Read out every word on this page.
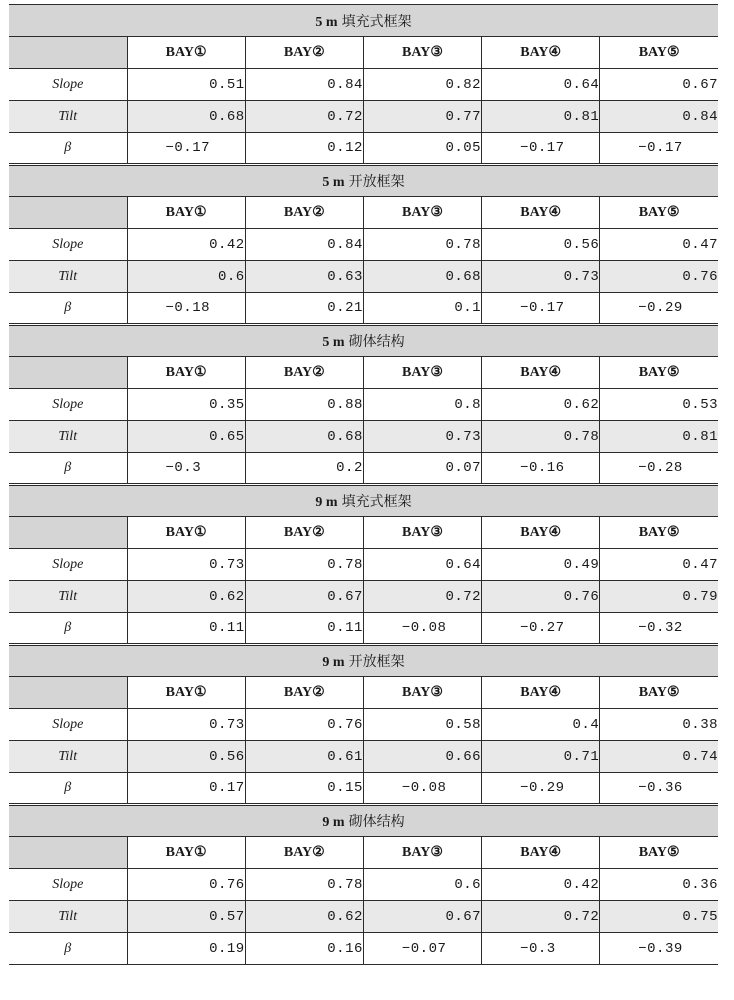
5 m 填充式框架					
	BAY①	BAY②	BAY③	BAY④	BAY⑤
Slope	0.51	0.84	0.82	0.64	0.67
Tilt	0.68	0.72	0.77	0.81	0.84
β	−0.17	0.12	0.05	−0.17	−0.17
5 m 开放框架					
	BAY①	BAY②	BAY③	BAY④	BAY⑤
Slope	0.42	0.84	0.78	0.56	0.47
Tilt	0.6	0.63	0.68	0.73	0.76
β	−0.18	0.21	0.1	−0.17	−0.29
5 m 砌体结构					
	BAY①	BAY②	BAY③	BAY④	BAY⑤
Slope	0.35	0.88	0.8	0.62	0.53
Tilt	0.65	0.68	0.73	0.78	0.81
β	−0.3	0.2	0.07	−0.16	−0.28
9 m 填充式框架					
	BAY①	BAY②	BAY③	BAY④	BAY⑤
Slope	0.73	0.78	0.64	0.49	0.47
Tilt	0.62	0.67	0.72	0.76	0.79
β	0.11	0.11	−0.08	−0.27	−0.32
9 m 开放框架					
	BAY①	BAY②	BAY③	BAY④	BAY⑤
Slope	0.73	0.76	0.58	0.4	0.38
Tilt	0.56	0.61	0.66	0.71	0.74
β	0.17	0.15	−0.08	−0.29	−0.36
9 m 砌体结构					
	BAY①	BAY②	BAY③	BAY④	BAY⑤
Slope	0.76	0.78	0.6	0.42	0.36
Tilt	0.57	0.62	0.67	0.72	0.75
β	0.19	0.16	−0.07	−0.3	−0.39
